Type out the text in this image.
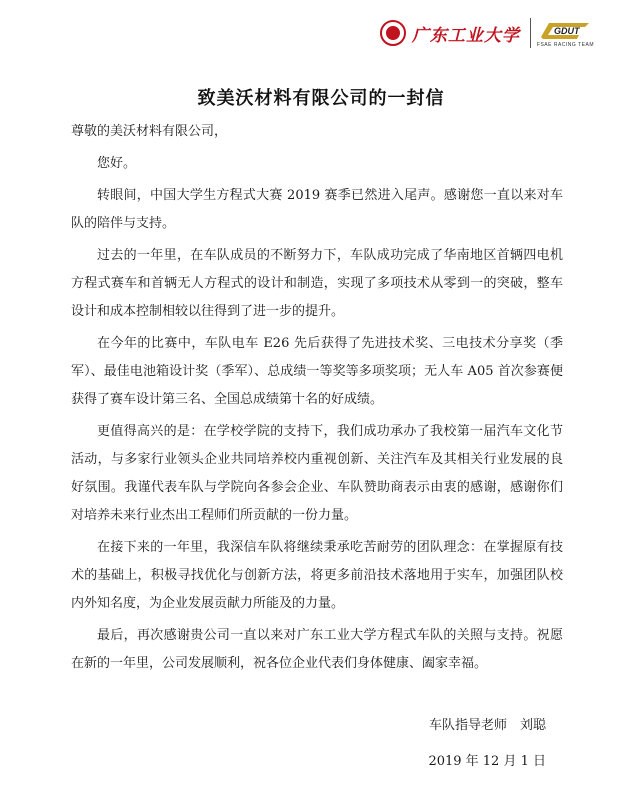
广东工业大学	GDUT
FSAE RACING TEAM
致美沃材料有限公司的一封信

尊敬的美沃材料有限公司，

您好。

转眼间，中国大学生方程式大赛 2019 赛季已然进入尾声。感谢您一直以来对车队的陪伴与支持。

过去的一年里，在车队成员的不断努力下，车队成功完成了华南地区首辆四电机方程式赛车和首辆无人方程式的设计和制造，实现了多项技术从零到一的突破，整车设计和成本控制相较以往得到了进一步的提升。

在今年的比赛中，车队电车 E26 先后获得了先进技术奖、三电技术分享奖（季军）、最佳电池箱设计奖（季军）、总成绩一等奖等多项奖项；无人车 A05 首次参赛便获得了赛车设计第三名、全国总成绩第十名的好成绩。

更值得高兴的是：在学校学院的支持下，我们成功承办了我校第一届汽车文化节活动，与多家行业领头企业共同培养校内重视创新、关注汽车及其相关行业发展的良好氛围。我谨代表车队与学院向各参会企业、车队赞助商表示由衷的感谢，感谢你们对培养未来行业杰出工程师们所贡献的一份力量。

在接下来的一年里，我深信车队将继续秉承吃苦耐劳的团队理念：在掌握原有技术的基础上，积极寻找优化与创新方法，将更多前沿技术落地用于实车，加强团队校内外知名度，为企业发展贡献力所能及的力量。

最后，再次感谢贵公司一直以来对广东工业大学方程式车队的关照与支持。祝愿在新的一年里，公司发展顺利，祝各位企业代表们身体健康、阖家幸福。

车队指导老师　刘聪
2019 年 12 月 1 日
